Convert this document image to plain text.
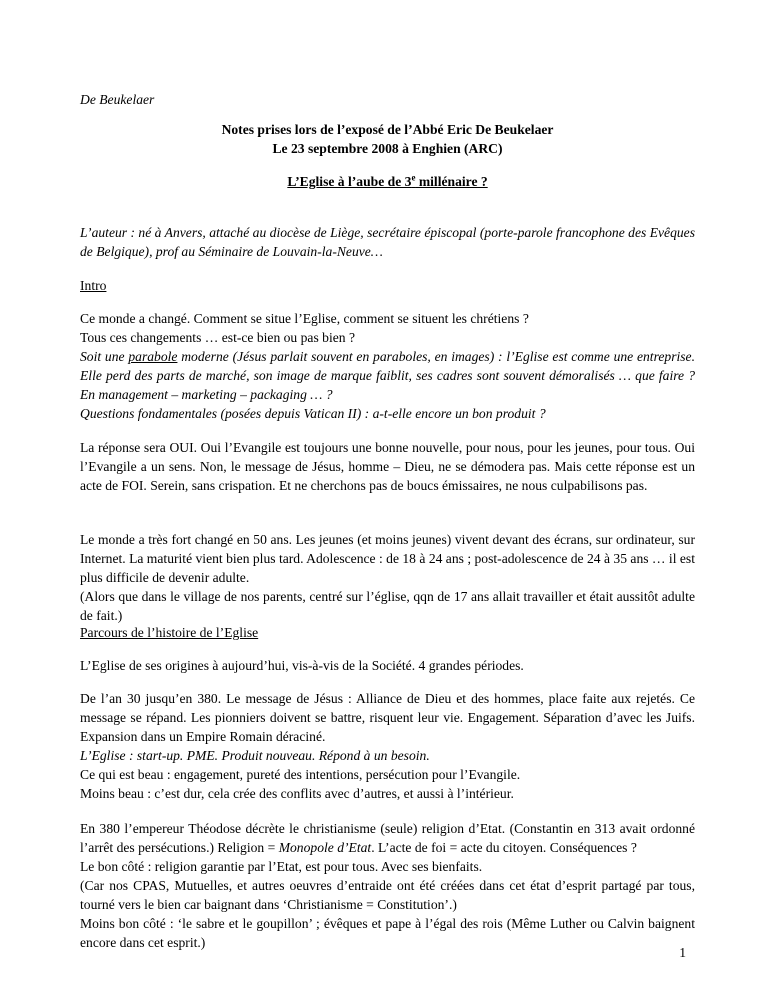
De Beukelaer

Notes prises lors de l’exposé de l’Abbé Eric De Beukelaer

Le 23 septembre 2008 à Enghien (ARC)

L’Eglise à l’aube de 3e millénaire ?

L’auteur : né à Anvers, attaché au diocèse de Liège, secrétaire épiscopal (porte-parole francophone des Evêques de Belgique), prof au Séminaire de Louvain-la-Neuve…

Intro

Ce monde a changé. Comment se situe l’Eglise, comment se situent les chrétiens ?
Tous ces changements … est-ce bien ou pas bien ?
Soit une parabole moderne (Jésus parlait souvent en paraboles, en images) : l’Eglise est comme une entreprise. Elle perd des parts de marché, son image de marque faiblit, ses cadres sont souvent démoralisés … que faire ? En management – marketing – packaging … ?
Questions fondamentales (posées depuis Vatican II) : a-t-elle encore un bon produit ?

La réponse sera OUI. Oui l’Evangile est toujours une bonne nouvelle, pour nous, pour les jeunes, pour tous. Oui l’Evangile a un sens. Non, le message de Jésus, homme – Dieu, ne se démodera pas. Mais cette réponse est un acte de FOI. Serein, sans crispation. Et ne cherchons pas de boucs émissaires, ne nous culpabilisons pas.

Le monde a très fort changé en 50 ans. Les jeunes (et moins jeunes) vivent devant des écrans, sur ordinateur, sur Internet. La maturité vient bien plus tard. Adolescence : de 18 à 24 ans ; post-adolescence de 24 à 35 ans … il est plus difficile de devenir adulte.
(Alors que dans le village de nos parents, centré sur l’église, qqn de 17 ans allait travailler et était aussitôt adulte de fait.)

Parcours de l’histoire de l’Eglise

L’Eglise de ses origines à aujourd’hui, vis-à-vis de la Société. 4 grandes périodes.

De l’an 30 jusqu’en 380. Le message de Jésus : Alliance de Dieu et des hommes, place faite aux rejetés. Ce message se répand. Les pionniers doivent se battre, risquent leur vie. Engagement. Séparation d’avec les Juifs. Expansion dans un Empire Romain déraciné.
L’Eglise : start-up. PME. Produit nouveau. Répond à un besoin.
Ce qui est beau : engagement, pureté des intentions, persécution pour l’Evangile.
Moins beau : c’est dur, cela crée des conflits avec d’autres, et aussi à l’intérieur.
En 380 l’empereur Théodose décrète le christianisme (seule) religion d’Etat. (Constantin en 313 avait ordonné l’arrêt des persécutions.) Religion = Monopole d’Etat. L’acte de foi = acte du citoyen. Conséquences ?
Le bon côté : religion garantie par l’Etat, est pour tous. Avec ses bienfaits.
(Car nos CPAS, Mutuelles, et autres oeuvres d’entraide ont été créées dans cet état d’esprit partagé par tous, tourné vers le bien car baignant dans ‘Christianisme = Constitution’.)
Moins bon côté : ‘le sabre et le goupillon’ ; évêques et pape à l’égal des rois (Même Luther ou Calvin baignent encore dans cet esprit.)
1
